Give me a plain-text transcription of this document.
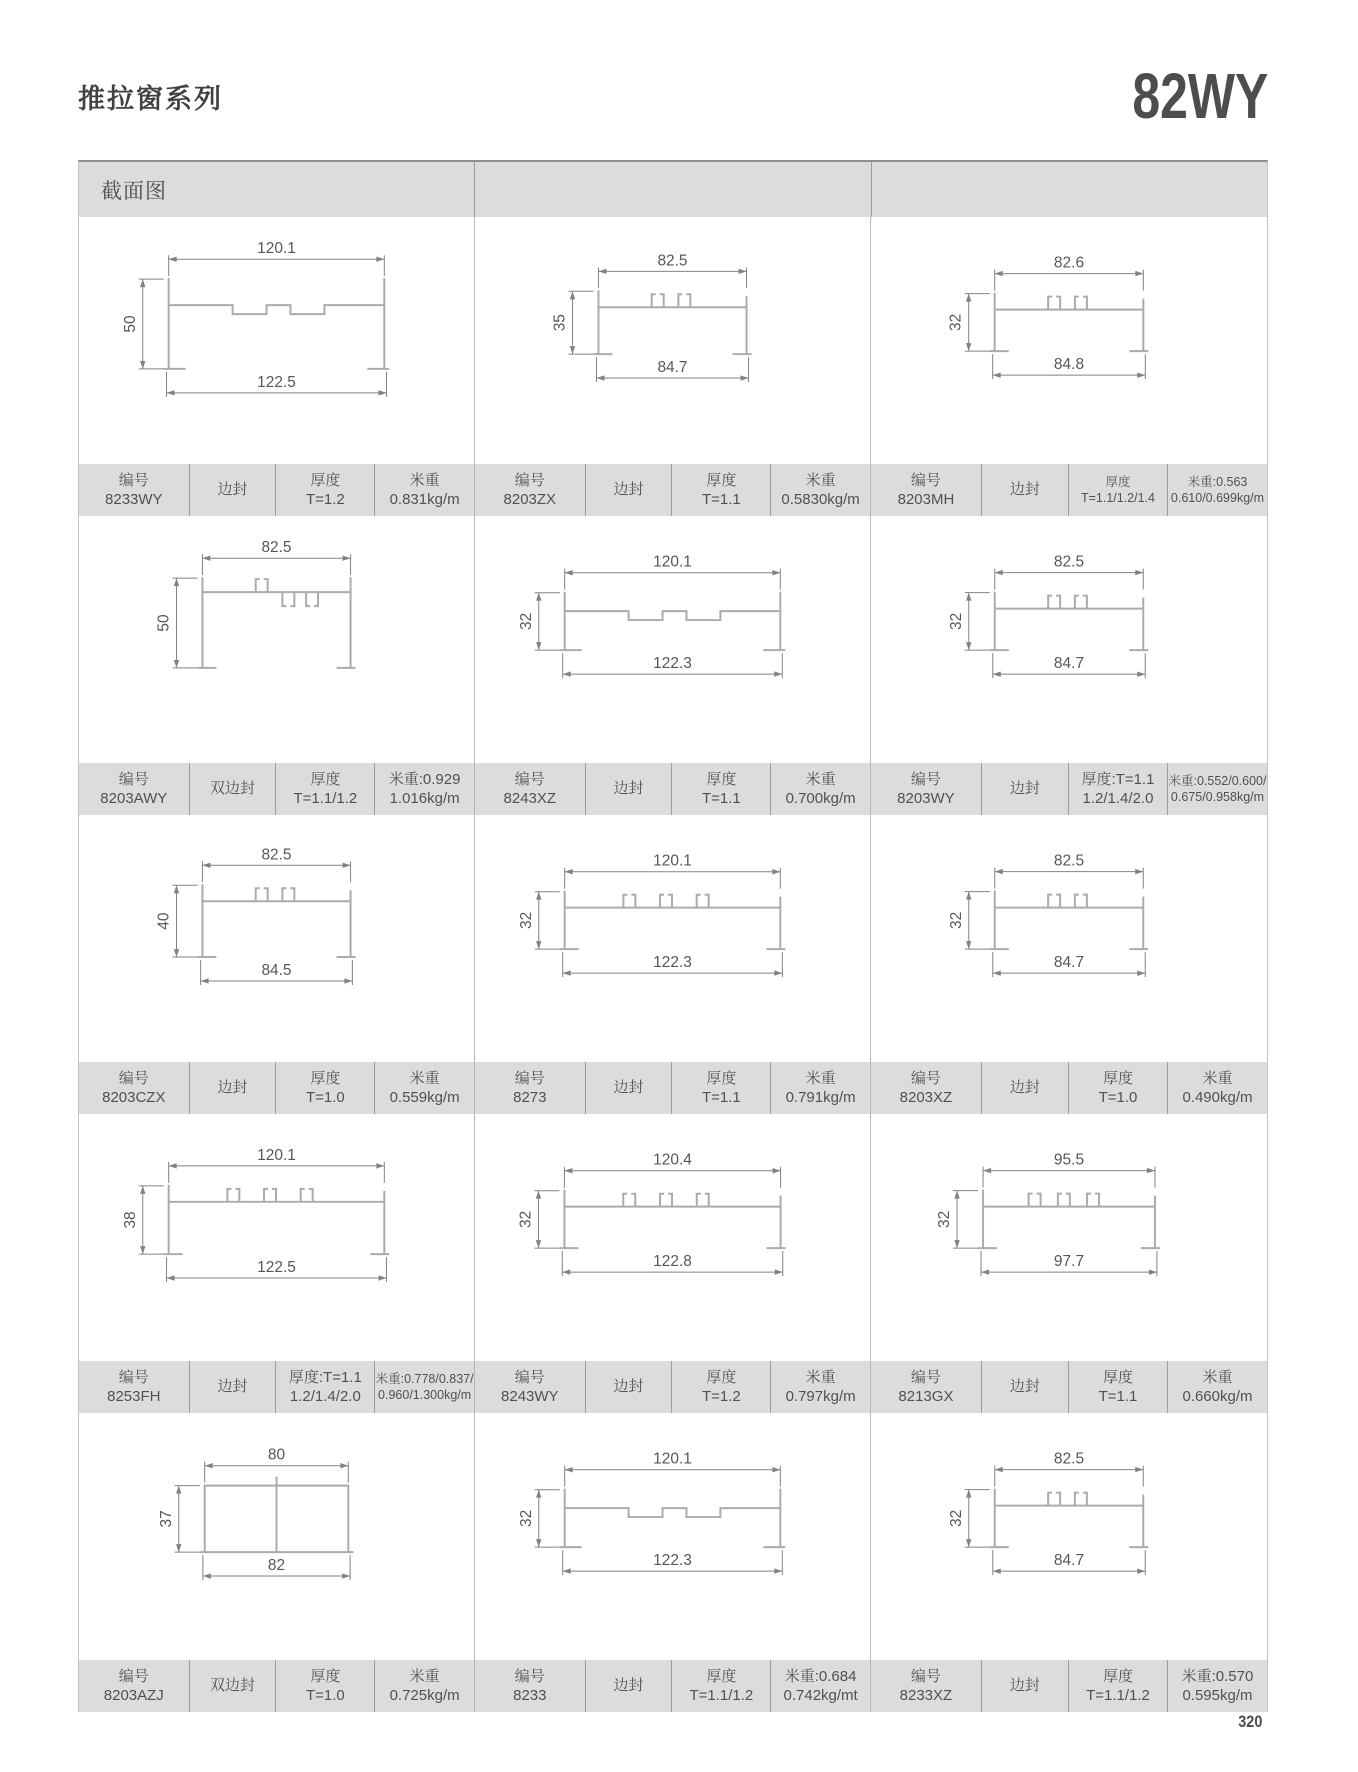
推拉窗系列	82WY
截面图
120.1
50
122.5
编号
8233WY
边封
厚度
T=1.2
米重
0.831kg/m
82.5
35
84.7
编号
8203ZX
边封
厚度
T=1.1
米重
0.5830kg/m
82.6
32
84.8
编号
8203MH
边封	厚度
T=1.1/1.2/1.4
米重:0.563
0.610/0.699kg/m
82.5
50
编号
8203AWY
双边封
厚度
T=1.1/1.2
米重:0.929
1.016kg/m
120.1
32
122.3
编号
8243XZ
边封
厚度
T=1.1
米重
0.700kg/m
82.5
32
84.7
编号
8203WY
边封
厚度:T=1.1
1.2/1.4/2.0
米重:0.552/0.600/
0.675/0.958kg/m
82.5
40
84.5
编号
8203CZX
边封
厚度
T=1.0
米重
0.559kg/m
120.1
32
122.3
编号
8273
边封
厚度
T=1.1
米重
0.791kg/m
82.5
32
84.7
编号
8203XZ
边封
厚度
T=1.0
米重
0.490kg/m
120.1
38
122.5
编号
8253FH
边封
厚度:T=1.1
1.2/1.4/2.0
米重:0.778/0.837/
0.960/1.300kg/m
120.4
32
122.8
编号
8243WY
边封
厚度
T=1.2
米重
0.797kg/m
95.5
32
97.7
编号
8213GX
边封
厚度
T=1.1
米重
0.660kg/m
80
37
82
编号
8203AZJ
双边封
厚度
T=1.0
米重
0.725kg/m
120.1
32
122.3
编号
8233
边封
厚度
T=1.1/1.2
米重:0.684
0.742kg/mt
82.5
32
84.7
编号
8233XZ
边封
厚度
T=1.1/1.2
米重:0.570
0.595kg/m
320
